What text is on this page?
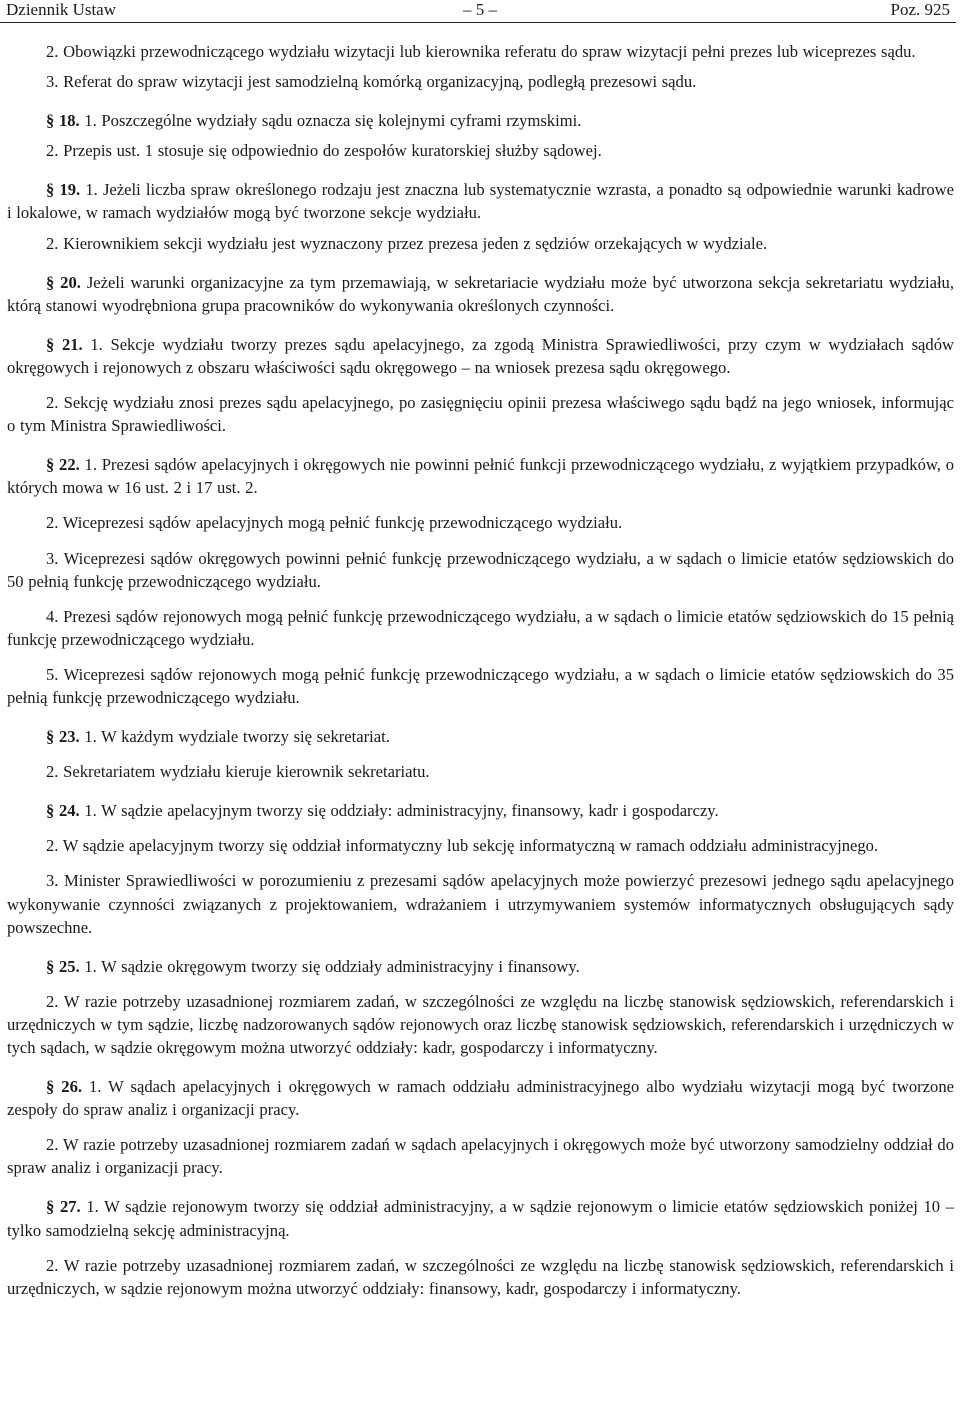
Dziennik Ustaw	– 5 –	Poz. 925

2. Obowiązki przewodniczącego wydziału wizytacji lub kierownika referatu do spraw wizytacji pełni prezes lub wiceprezes sądu.

3. Referat do spraw wizytacji jest samodzielną komórką organizacyjną, podległą prezesowi sądu.

§ 18. 1. Poszczególne wydziały sądu oznacza się kolejnymi cyframi rzymskimi.

2. Przepis ust. 1 stosuje się odpowiednio do zespołów kuratorskiej służby sądowej.

§ 19. 1. Jeżeli liczba spraw określonego rodzaju jest znaczna lub systematycznie wzrasta, a ponadto są odpowiednie warunki kadrowe i lokalowe, w ramach wydziałów mogą być tworzone sekcje wydziału.

2. Kierownikiem sekcji wydziału jest wyznaczony przez prezesa jeden z sędziów orzekających w wydziale.

§ 20. Jeżeli warunki organizacyjne za tym przemawiają, w sekretariacie wydziału może być utworzona sekcja sekretariatu wydziału, którą stanowi wyodrębniona grupa pracowników do wykonywania określonych czynności.

§ 21. 1. Sekcje wydziału tworzy prezes sądu apelacyjnego, za zgodą Ministra Sprawiedliwości, przy czym w wydziałach sądów okręgowych i rejonowych z obszaru właściwości sądu okręgowego – na wniosek prezesa sądu okręgowego.

2. Sekcję wydziału znosi prezes sądu apelacyjnego, po zasięgnięciu opinii prezesa właściwego sądu bądź na jego wniosek, informując o tym Ministra Sprawiedliwości.

§ 22. 1. Prezesi sądów apelacyjnych i okręgowych nie powinni pełnić funkcji przewodniczącego wydziału, z wyjątkiem przypadków, o których mowa w 16 ust. 2 i 17 ust. 2.

2. Wiceprezesi sądów apelacyjnych mogą pełnić funkcję przewodniczącego wydziału.

3. Wiceprezesi sądów okręgowych powinni pełnić funkcję przewodniczącego wydziału, a w sądach o limicie etatów sędziowskich do 50 pełnią funkcję przewodniczącego wydziału.

4. Prezesi sądów rejonowych mogą pełnić funkcję przewodniczącego wydziału, a w sądach o limicie etatów sędziowskich do 15 pełnią funkcję przewodniczącego wydziału.

5. Wiceprezesi sądów rejonowych mogą pełnić funkcję przewodniczącego wydziału, a w sądach o limicie etatów sędziowskich do 35 pełnią funkcję przewodniczącego wydziału.

§ 23. 1. W każdym wydziale tworzy się sekretariat.

2. Sekretariatem wydziału kieruje kierownik sekretariatu.

§ 24. 1. W sądzie apelacyjnym tworzy się oddziały: administracyjny, finansowy, kadr i gospodarczy.

2. W sądzie apelacyjnym tworzy się oddział informatyczny lub sekcję informatyczną w ramach oddziału administracyjnego.

3. Minister Sprawiedliwości w porozumieniu z prezesami sądów apelacyjnych może powierzyć prezesowi jednego sądu apelacyjnego wykonywanie czynności związanych z projektowaniem, wdrażaniem i utrzymywaniem systemów informatycznych obsługujących sądy powszechne.

§ 25. 1. W sądzie okręgowym tworzy się oddziały administracyjny i finansowy.

2. W razie potrzeby uzasadnionej rozmiarem zadań, w szczególności ze względu na liczbę stanowisk sędziowskich, referendarskich i urzędniczych w tym sądzie, liczbę nadzorowanych sądów rejonowych oraz liczbę stanowisk sędziowskich, referendarskich i urzędniczych w tych sądach, w sądzie okręgowym można utworzyć oddziały: kadr, gospodarczy i informatyczny.

§ 26. 1. W sądach apelacyjnych i okręgowych w ramach oddziału administracyjnego albo wydziału wizytacji mogą być tworzone zespoły do spraw analiz i organizacji pracy.

2. W razie potrzeby uzasadnionej rozmiarem zadań w sądach apelacyjnych i okręgowych może być utworzony samodzielny oddział do spraw analiz i organizacji pracy.

§ 27. 1. W sądzie rejonowym tworzy się oddział administracyjny, a w sądzie rejonowym o limicie etatów sędziowskich poniżej 10 – tylko samodzielną sekcję administracyjną.

2. W razie potrzeby uzasadnionej rozmiarem zadań, w szczególności ze względu na liczbę stanowisk sędziowskich, referendarskich i urzędniczych, w sądzie rejonowym można utworzyć oddziały: finansowy, kadr, gospodarczy i informatyczny.
